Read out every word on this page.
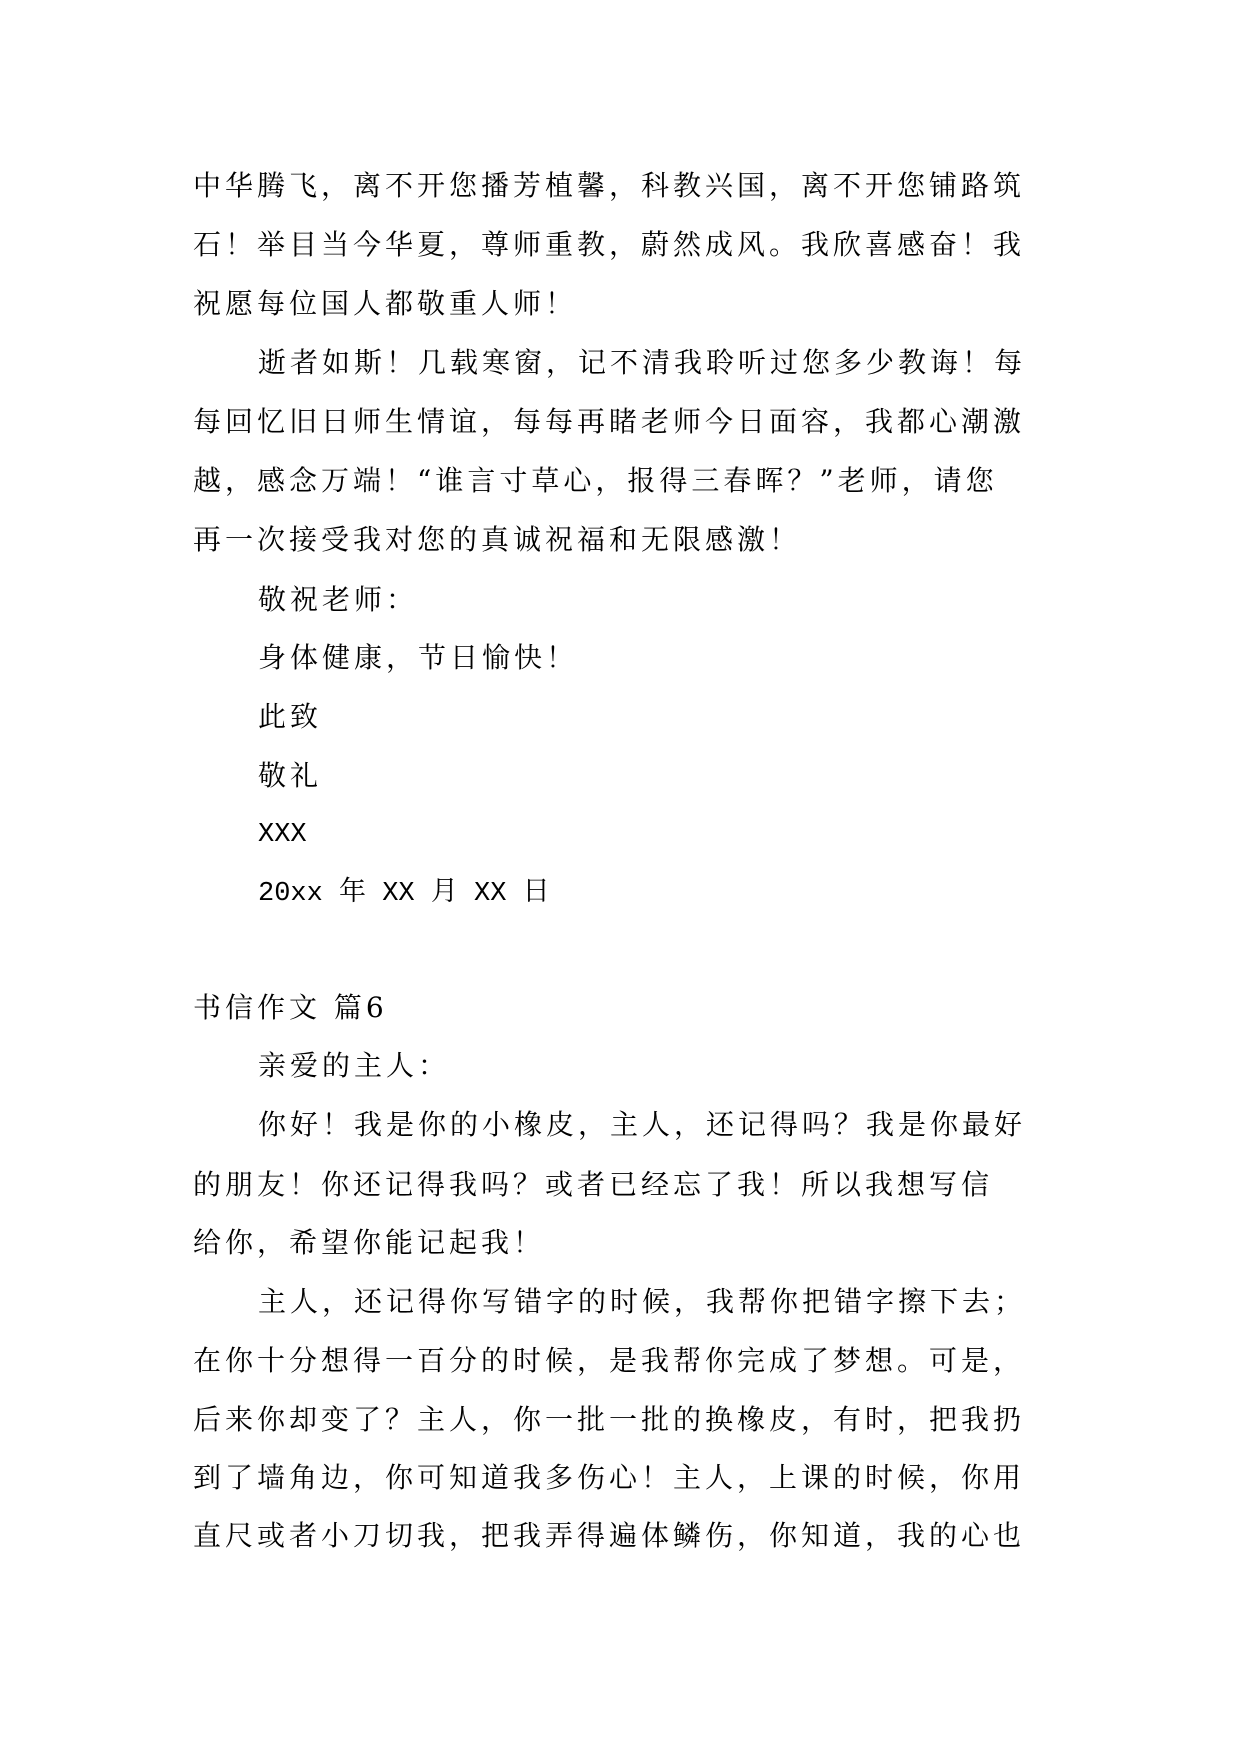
中华腾飞，离不开您播芳植馨，科教兴国，离不开您铺路筑
石！举目当今华夏，尊师重教，蔚然成风。我欣喜感奋！我
祝愿每位国人都敬重人师！
逝者如斯！几载寒窗，记不清我聆听过您多少教诲！每
每回忆旧日师生情谊，每每再睹老师今日面容，我都心潮激
越，感念万端！“谁言寸草心，报得三春晖？”老师，请您
再一次接受我对您的真诚祝福和无限感激！
敬祝老师：
身体健康，节日愉快！
此致
敬礼
XXX
20xx 年 XX 月 XX 日
书信作文 篇6
亲爱的主人：
你好！我是你的小橡皮，主人，还记得吗？我是你最好
的朋友！你还记得我吗？或者已经忘了我！所以我想写信
给你，希望你能记起我！
主人，还记得你写错字的时候，我帮你把错字擦下去；
在你十分想得一百分的时候，是我帮你完成了梦想。可是，
后来你却变了？主人，你一批一批的换橡皮，有时，把我扔
到了墙角边，你可知道我多伤心！主人，上课的时候，你用
直尺或者小刀切我，把我弄得遍体鳞伤，你知道，我的心也
